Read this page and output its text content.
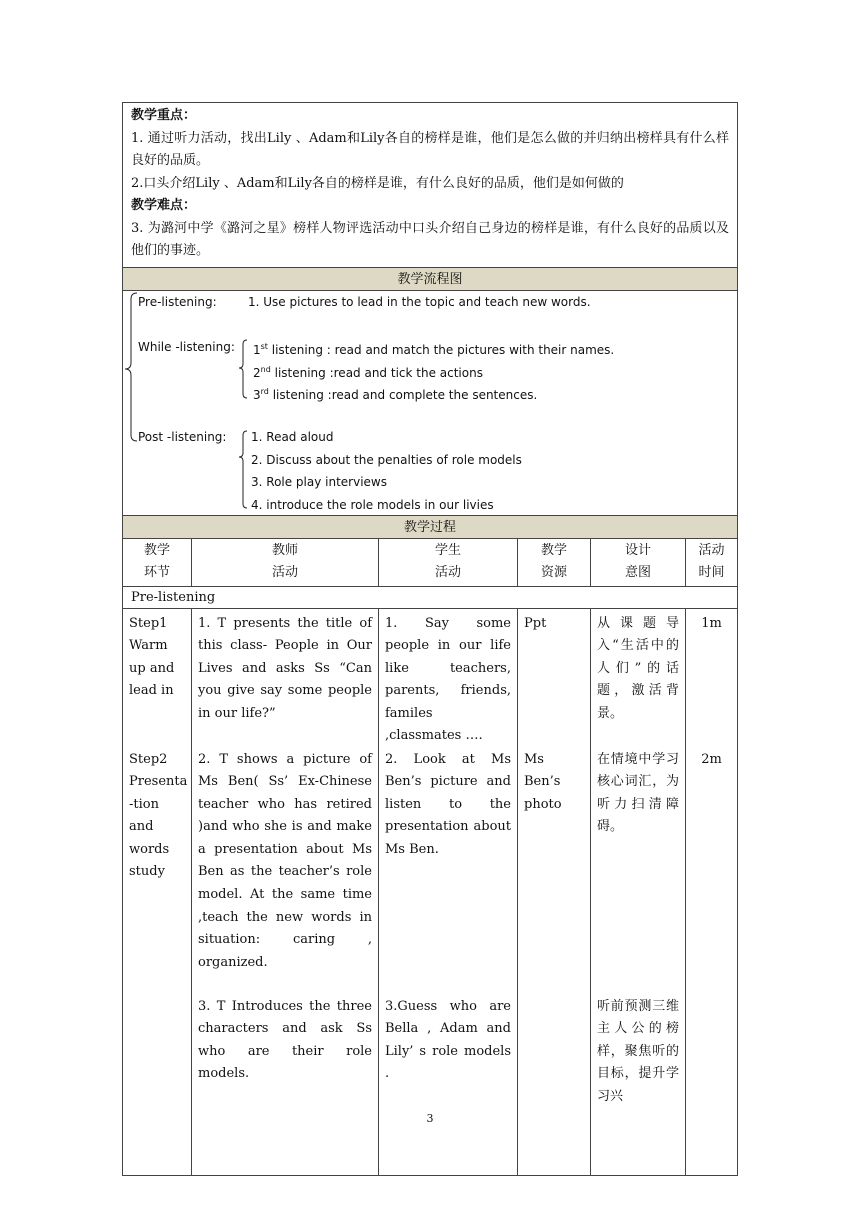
教学重点：
1. 通过听力活动，找出Lily 、Adam和Lily各自的榜样是谁，他们是怎么做的并归纳出榜样具有什么样良好的品质。
2.口头介绍Lily 、Adam和Lily各自的榜样是谁，有什么良好的品质，他们是如何做的
教学难点：
3. 为潞河中学《潞河之星》榜样人物评选活动中口头介绍自己身边的榜样是谁，有什么良好的品质以及他们的事迹。
教学流程图
Pre-listening:	1. Use pictures to lead in the topic and teach new words.
While -listening: 1st listening : read and match the pictures with their names.
2nd listening :read and tick the actions
3rd listening :read and complete the sentences.
Post -listening: 1. Read aloud
2. Discuss about the penalties of role models
3. Role play interviews
4. introduce the role models in our livies
教学过程
教学
环节
教师
活动
学生
活动
教学
资源
设计
意图
活动
时间
Pre-listening
Step1 Warm up and lead in
Step2 Presenta -tion and words study
1. T presents the title of this class- People in Our Lives and asks Ss “Can you give say some people in our life?”
2. T shows a picture of Ms Ben( Ss’ Ex-Chinese teacher who has retired )and who she is and make a presentation about Ms Ben as the teacher’s role model. At the same time ,teach the new words in situation: caring , organized.
3. T Introduces the three characters and ask Ss who are their role models.
1. Say some people in our life like teachers, parents, friends, familes ,classmates ….
2. Look at Ms Ben’s picture and listen to the presentation about Ms Ben.
3.Guess who are Bella , Adam and Lily’ s role models .
Ppt
Ms Ben’s photo
从课题导入“生活中的人们”的话题，激活背景。
在情境中学习核心词汇，为听力扫清障碍。
听前预测三维主人公的榜样，聚焦听的目标，提升学习兴
1m
2m
3
